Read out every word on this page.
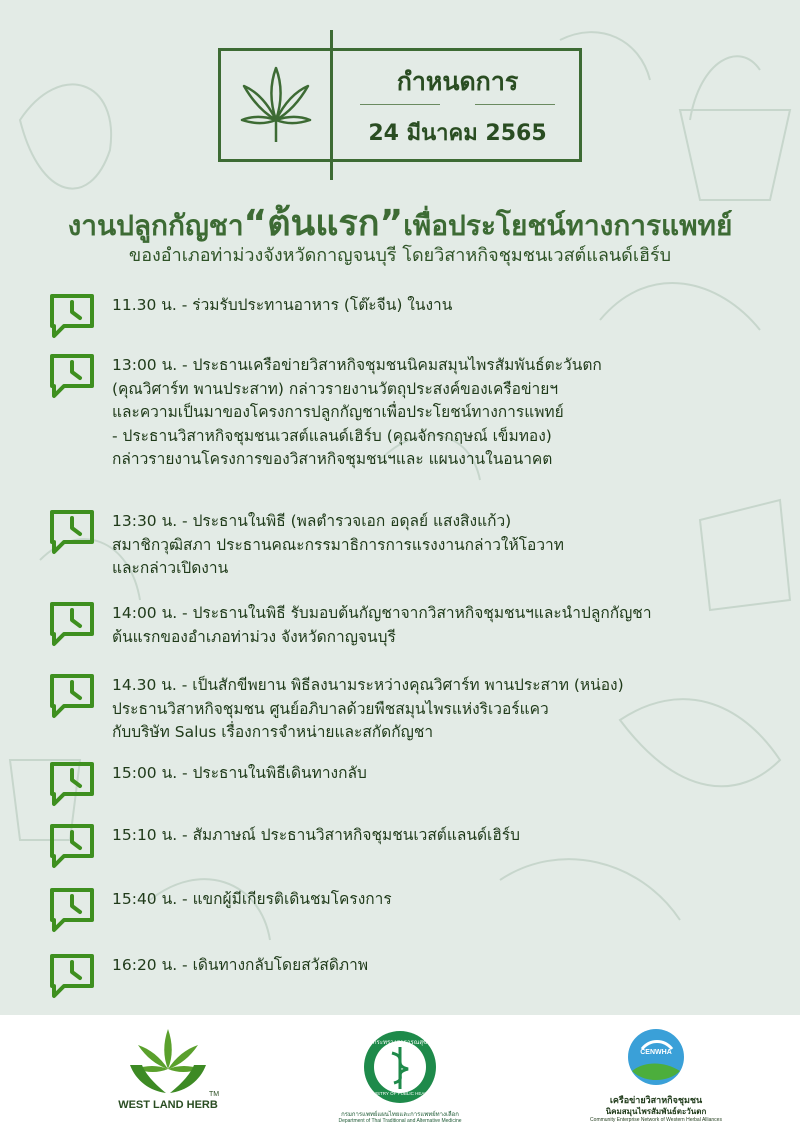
กำหนดการ
24 มีนาคม 2565
งานปลูกกัญชา“ต้นแรก”เพื่อประโยชน์ทางการแพทย์
ของอำเภอท่าม่วงจังหวัดกาญจนบุรี โดยวิสาหกิจชุมชนเวสต์แลนด์เฮิร์บ
11.30 น. - ร่วมรับประทานอาหาร (โต๊ะจีน) ในงาน
13:00 น. - ประธานเครือข่ายวิสาหกิจชุมชนนิคมสมุนไพรสัมพันธ์ตะวันตก
(คุณวิศาร์ท พานประสาท) กล่าวรายงานวัตถุประสงค์ของเครือข่ายฯ
และความเป็นมาของโครงการปลูกกัญชาเพื่อประโยชน์ทางการแพทย์
- ประธานวิสาหกิจชุมชนเวสต์แลนด์เฮิร์บ (คุณจักรกฤษณ์ เข็มทอง)
กล่าวรายงานโครงการของวิสาหกิจชุมชนฯและ แผนงานในอนาคต
13:30 น. - ประธานในพิธี (พลตำรวจเอก อดุลย์ แสงสิงแก้ว)
สมาชิกวุฒิสภา ประธานคณะกรรมาธิการการแรงงานกล่าวให้โอวาท
และกล่าวเปิดงาน
14:00 น. - ประธานในพิธี รับมอบต้นกัญชาจากวิสาหกิจชุมชนฯและนำปลูกกัญชา
ต้นแรกของอำเภอท่าม่วง จังหวัดกาญจนบุรี
14.30 น. - เป็นสักขีพยาน พิธีลงนามระหว่างคุณวิศาร์ท พานประสาท (หน่อง)
ประธานวิสาหกิจชุมชน ศูนย์อภิบาลด้วยพืชสมุนไพรแห่งริเวอร์แคว
กับบริษัท Salus เรื่องการจำหน่ายและสกัดกัญชา
15:00 น. - ประธานในพิธีเดินทางกลับ
15:10 น. - สัมภาษณ์ ประธานวิสาหกิจชุมชนเวสต์แลนด์เฮิร์บ
15:40 น. - แขกผู้มีเกียรติเดินชมโครงการ
16:20 น. - เดินทางกลับโดยสวัสดิภาพ
WEST LAND HERB
TM
กระทรวงสาธารณสุข
MINISTRY OF PUBLIC HEALTH
กรมการแพทย์แผนไทยและการแพทย์ทางเลือก
Department of Thai Traditional and Alternative Medicine
CENWHA
เครือข่ายวิสาหกิจชุมชน
นิคมสมุนไพรสัมพันธ์ตะวันตก
Community Enterprise Network of Western Herbal Alliances
